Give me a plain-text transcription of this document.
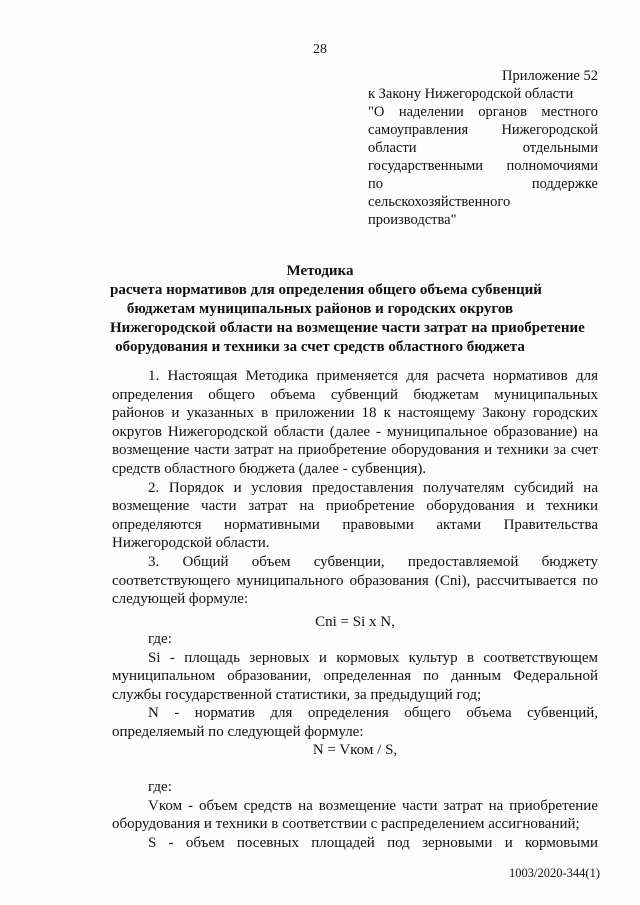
28
Приложение 52
к Закону Нижегородской области
"О наделении органов местного
самоуправления Нижегородской
области отдельными
государственными полномочиями
по поддержке
сельскохозяйственного
производства"
Методика
расчета нормативов для определения общего объема субвенций
бюджетам муниципальных районов и городских округов
Нижегородской области на возмещение части затрат на приобретение
оборудования и техники за счет средств областного бюджета
1. Настоящая Методика применяется для расчета нормативов для
определения общего объема субвенций бюджетам муниципальных
районов и указанных в приложении 18 к настоящему Закону городских
округов Нижегородской области (далее - муниципальное образование) на
возмещение части затрат на приобретение оборудования и техники за счет
средств областного бюджета (далее - субвенция).
2. Порядок и условия предоставления получателям субсидий на
возмещение части затрат на приобретение оборудования и техники
определяются нормативными правовыми актами Правительства
Нижегородской области.
3. Общий объем субвенции, предоставляемой бюджету
соответствующего муниципального образования (Cni), рассчитывается по
следующей формуле:
Cni = Si x N,
где:
Si - площадь зерновых и кормовых культур в соответствующем
муниципальном образовании, определенная по данным Федеральной
службы государственной статистики, за предыдущий год;
N - норматив для определения общего объема субвенций,
определяемый по следующей формуле:
N = Vком / S,
где:
Vком - объем средств на возмещение части затрат на приобретение
оборудования и техники в соответствии с распределением ассигнований;
S - объем посевных площадей под зерновыми и кормовыми
1003/2020-344(1)
